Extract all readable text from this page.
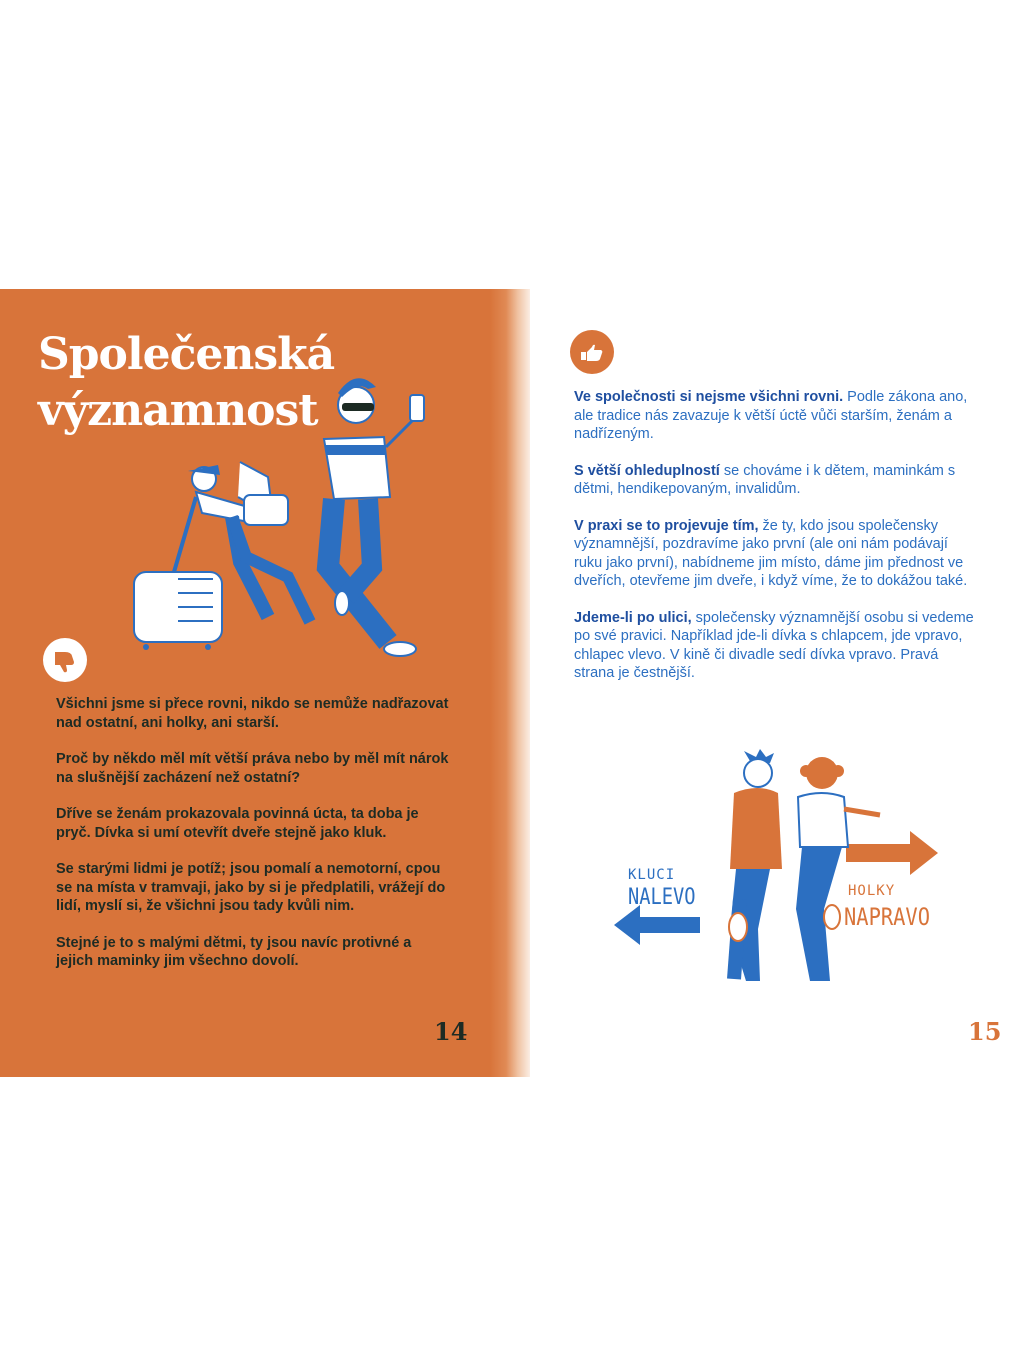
Společenská
významnost

Všichni jsme si přece rovni, nikdo se nemůže nadřazovat nad ostatní, ani holky, ani starší.

Proč by někdo měl mít větší práva nebo by měl mít nárok na slušnější zacházení než ostatní?

Dříve se ženám prokazovala povinná úcta, ta doba je pryč. Dívka si umí otevřít dveře stejně jako kluk.

Se starými lidmi je potíž; jsou pomalí a nemotorní, cpou se na místa v tramvaji, jako by si je předplatili, vrážejí do lidí, myslí si, že všichni jsou tady kvůli nim.

Stejné je to s malými dětmi, ty jsou navíc protivné a jejich maminky jim všechno dovolí.

14

Ve společnosti si nejsme všichni rovni. Podle zákona ano, ale tradice nás zavazuje k větší úctě vůči starším, ženám a nadřízeným.

S větší ohleduplností se chováme i k dětem, maminkám s dětmi, hendikepovaným, invalidům.

V praxi se to projevuje tím, že ty, kdo jsou společensky významnější, pozdravíme jako první (ale oni nám podávají ruku jako první), nabídneme jim místo, dáme jim přednost ve dveřích, otevřeme jim dveře, i když víme, že to dokážou také.

Jdeme-li po ulici, společensky významnější osobu si vedeme po své pravici. Například jde-li dívka s chlapcem, jde vpravo, chlapec vlevo. V kině či divadle sedí dívka vpravo. Pravá strana je čestnější.

KLUCI
NALEVO	HOLKY
NAPRAVO
15
